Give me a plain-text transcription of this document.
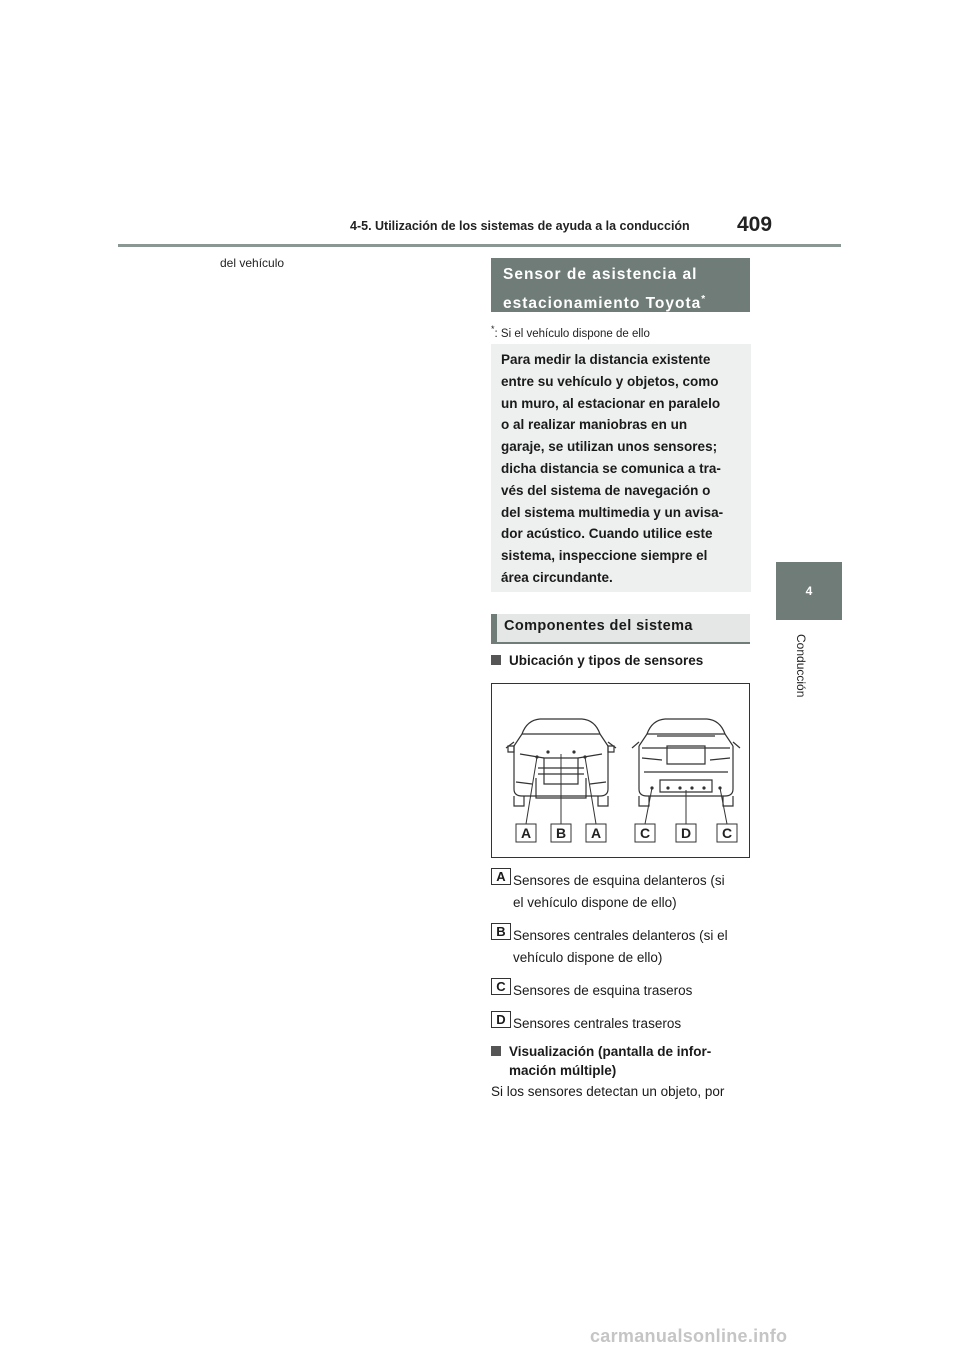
4-5. Utilización de los sistemas de ayuda a la conducción 409
4
Conducción
del vehículo
Sensor de asistencia al
estacionamiento Toyota*
*: Si el vehículo dispone de ello

Para medir la distancia existente

entre su vehículo y objetos, como

un muro, al estacionar en paralelo

o al realizar maniobras en un

garaje, se utilizan unos sensores;

dicha distancia se comunica a tra-

vés del sistema de navegación o

del sistema multimedia y un avisa-

dor acústico. Cuando utilice este

sistema, inspeccione siempre el

área circundante.

Componentes del sistema
Ubicación y tipos de sensores
A B A	C D C
A Sensores de esquina delanteros (si
el vehículo dispone de ello)
B Sensores centrales delanteros (si el
vehículo dispone de ello)
C Sensores de esquina traseros
D Sensores centrales traseros
Visualización (pantalla de infor-
mación múltiple)
Si los sensores detectan un objeto, por
carmanualsonline.info
